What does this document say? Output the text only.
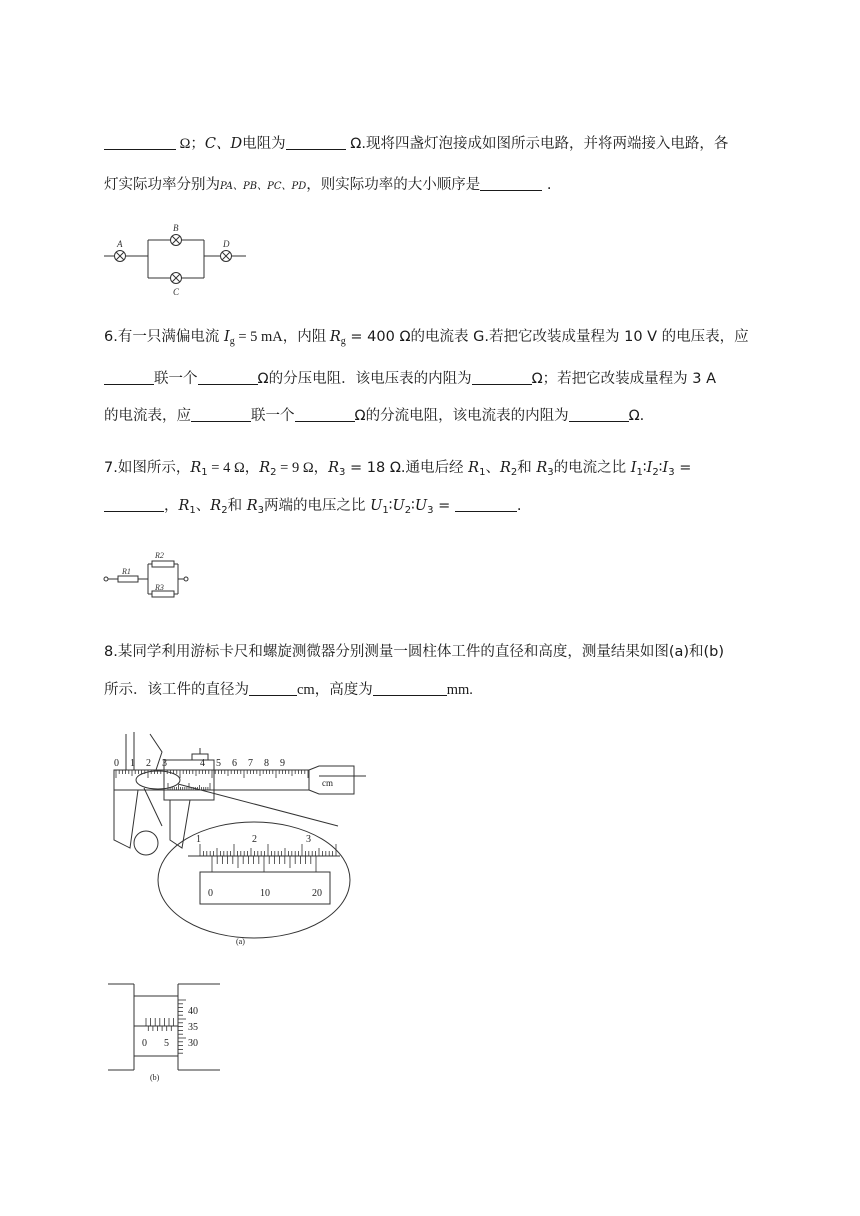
Ω；C、D电阻为	Ω.现将四盏灯泡接成如图所示电路，并将两端接入电路，各
灯实际功率分别为PA、PB、PC、PD，则实际功率的大小顺序是	.
A
B
C
D
6.有一只满偏电流 $I_g = 5$ mA，内阻 $R_g = 400$ Ω的电流表 G.若把它改装成量程为 10 V 的电压表，应
联一个	Ω的分压电阻．该电压表的内阻为	Ω；若把它改装成量程为 3 A
的电流表，应	联一个	Ω的分流电阻，该电流表的内阻为	Ω.
7.如图所示，$R_1 = 4$ Ω，$R_2 = 9$ Ω，$R_3 = 18$ Ω.通电后经 $R_1$、$R_2$和 $R_3$的电流之比 $I_1∶I_2∶I_3$ =
，$R_1$、$R_2$和 $R_3$两端的电压之比 $U_1∶U_2∶U_3$ =	.
R1
R2
R3
8.某同学利用游标卡尺和螺旋测微器分别测量一圆柱体工件的直径和高度，测量结果如图(a)和(b)
所示．该工件的直径为	cm，高度为	mm.
0 1 2 3	4 5 6 7 8 9
cm
1	2	3
0	10	20
(a)
0 5
40
35
30
(b)
